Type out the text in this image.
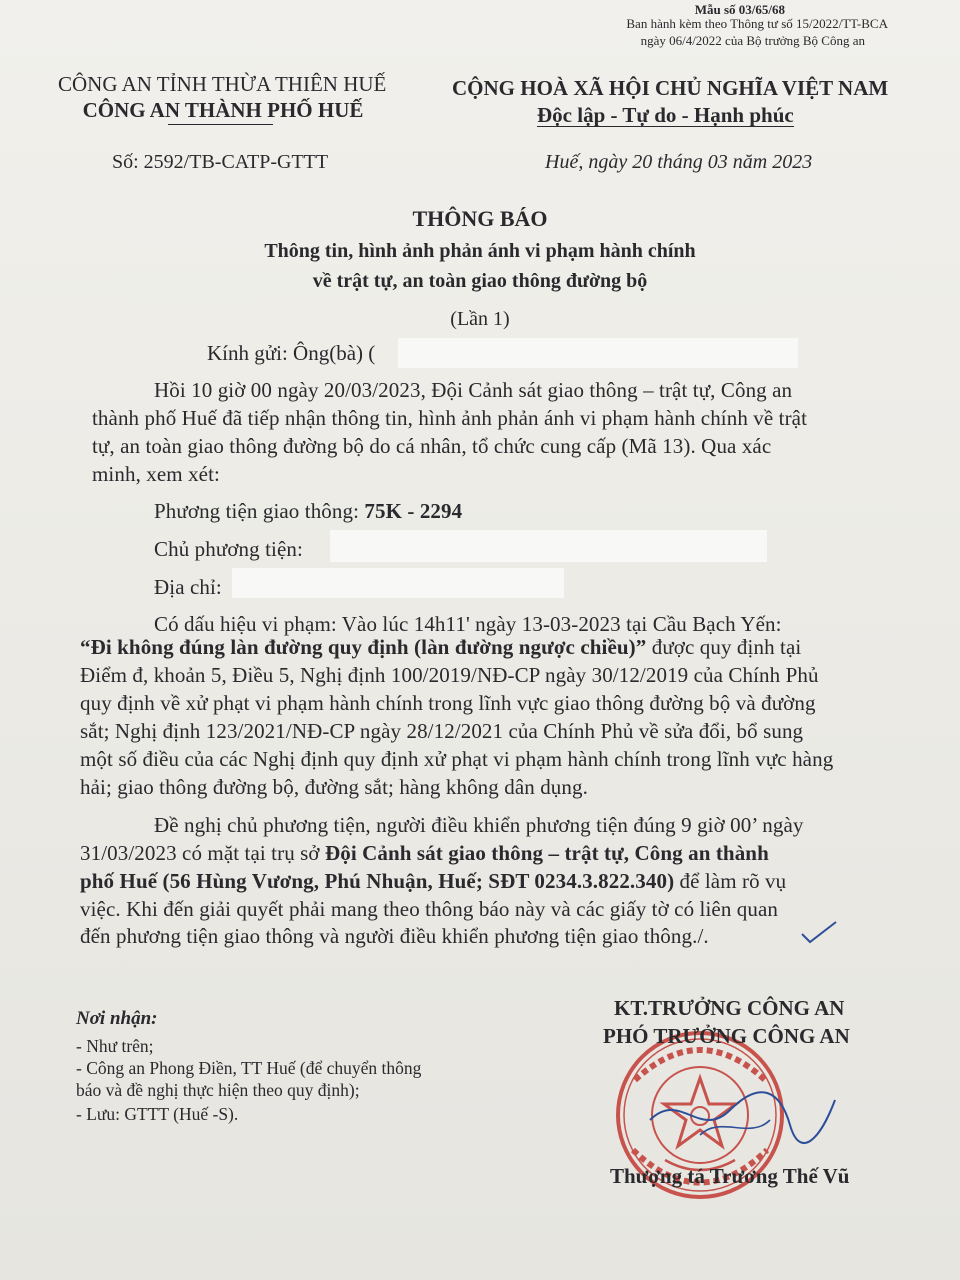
Mẫu số 03/65/68
Ban hành kèm theo Thông tư số 15/2022/TT-BCA
ngày 06/4/2022 của Bộ trưởng Bộ Công an
CÔNG AN TỈNH THỪA THIÊN HUẾ
CÔNG AN THÀNH PHỐ HUẾ
Số: 2592/TB-CATP-GTTT
CỘNG HOÀ XÃ HỘI CHỦ NGHĨA VIỆT NAM
Độc lập - Tự do - Hạnh phúc
Huế, ngày 20 tháng 03 năm 2023
THÔNG BÁO
Thông tin, hình ảnh phản ánh vi phạm hành chính
về trật tự, an toàn giao thông đường bộ
(Lần 1)
Kính gửi: Ông(bà) (
Hồi 10 giờ 00 ngày 20/03/2023, Đội Cảnh sát giao thông – trật tự, Công an
thành phố Huế đã tiếp nhận thông tin, hình ảnh phản ánh vi phạm hành chính về trật
tự, an toàn giao thông đường bộ do cá nhân, tổ chức cung cấp (Mã 13). Qua xác
minh, xem xét:
Phương tiện giao thông: 75K - 2294
Chủ phương tiện:
Địa chỉ:
Có dấu hiệu vi phạm: Vào lúc 14h11' ngày 13-03-2023 tại Cầu Bạch Yến:
“Đi không đúng làn đường quy định (làn đường ngược chiều)” được quy định tại
Điểm đ, khoản 5, Điều 5, Nghị định 100/2019/NĐ-CP ngày 30/12/2019 của Chính Phủ
quy định về xử phạt vi phạm hành chính trong lĩnh vực giao thông đường bộ và đường
sắt; Nghị định 123/2021/NĐ-CP ngày 28/12/2021 của Chính Phủ về sửa đổi, bổ sung
một số điều của các Nghị định quy định xử phạt vi phạm hành chính trong lĩnh vực hàng
hải; giao thông đường bộ, đường sắt; hàng không dân dụng.
Đề nghị chủ phương tiện, người điều khiển phương tiện đúng 9 giờ 00’ ngày
31/03/2023 có mặt tại trụ sở Đội Cảnh sát giao thông – trật tự, Công an thành
phố Huế (56 Hùng Vương, Phú Nhuận, Huế; SĐT 0234.3.822.340) để làm rõ vụ
việc. Khi đến giải quyết phải mang theo thông báo này và các giấy tờ có liên quan
đến phương tiện giao thông và người điều khiển phương tiện giao thông./.
Nơi nhận:
- Như trên;
- Công an Phong Điền, TT Huế (để chuyển thông
báo và đề nghị thực hiện theo quy định);
- Lưu: GTTT (Huế -S).
KT.TRƯỞNG CÔNG AN
PHÓ TRƯỞNG CÔNG AN
Thượng tá Trương Thế Vũ
